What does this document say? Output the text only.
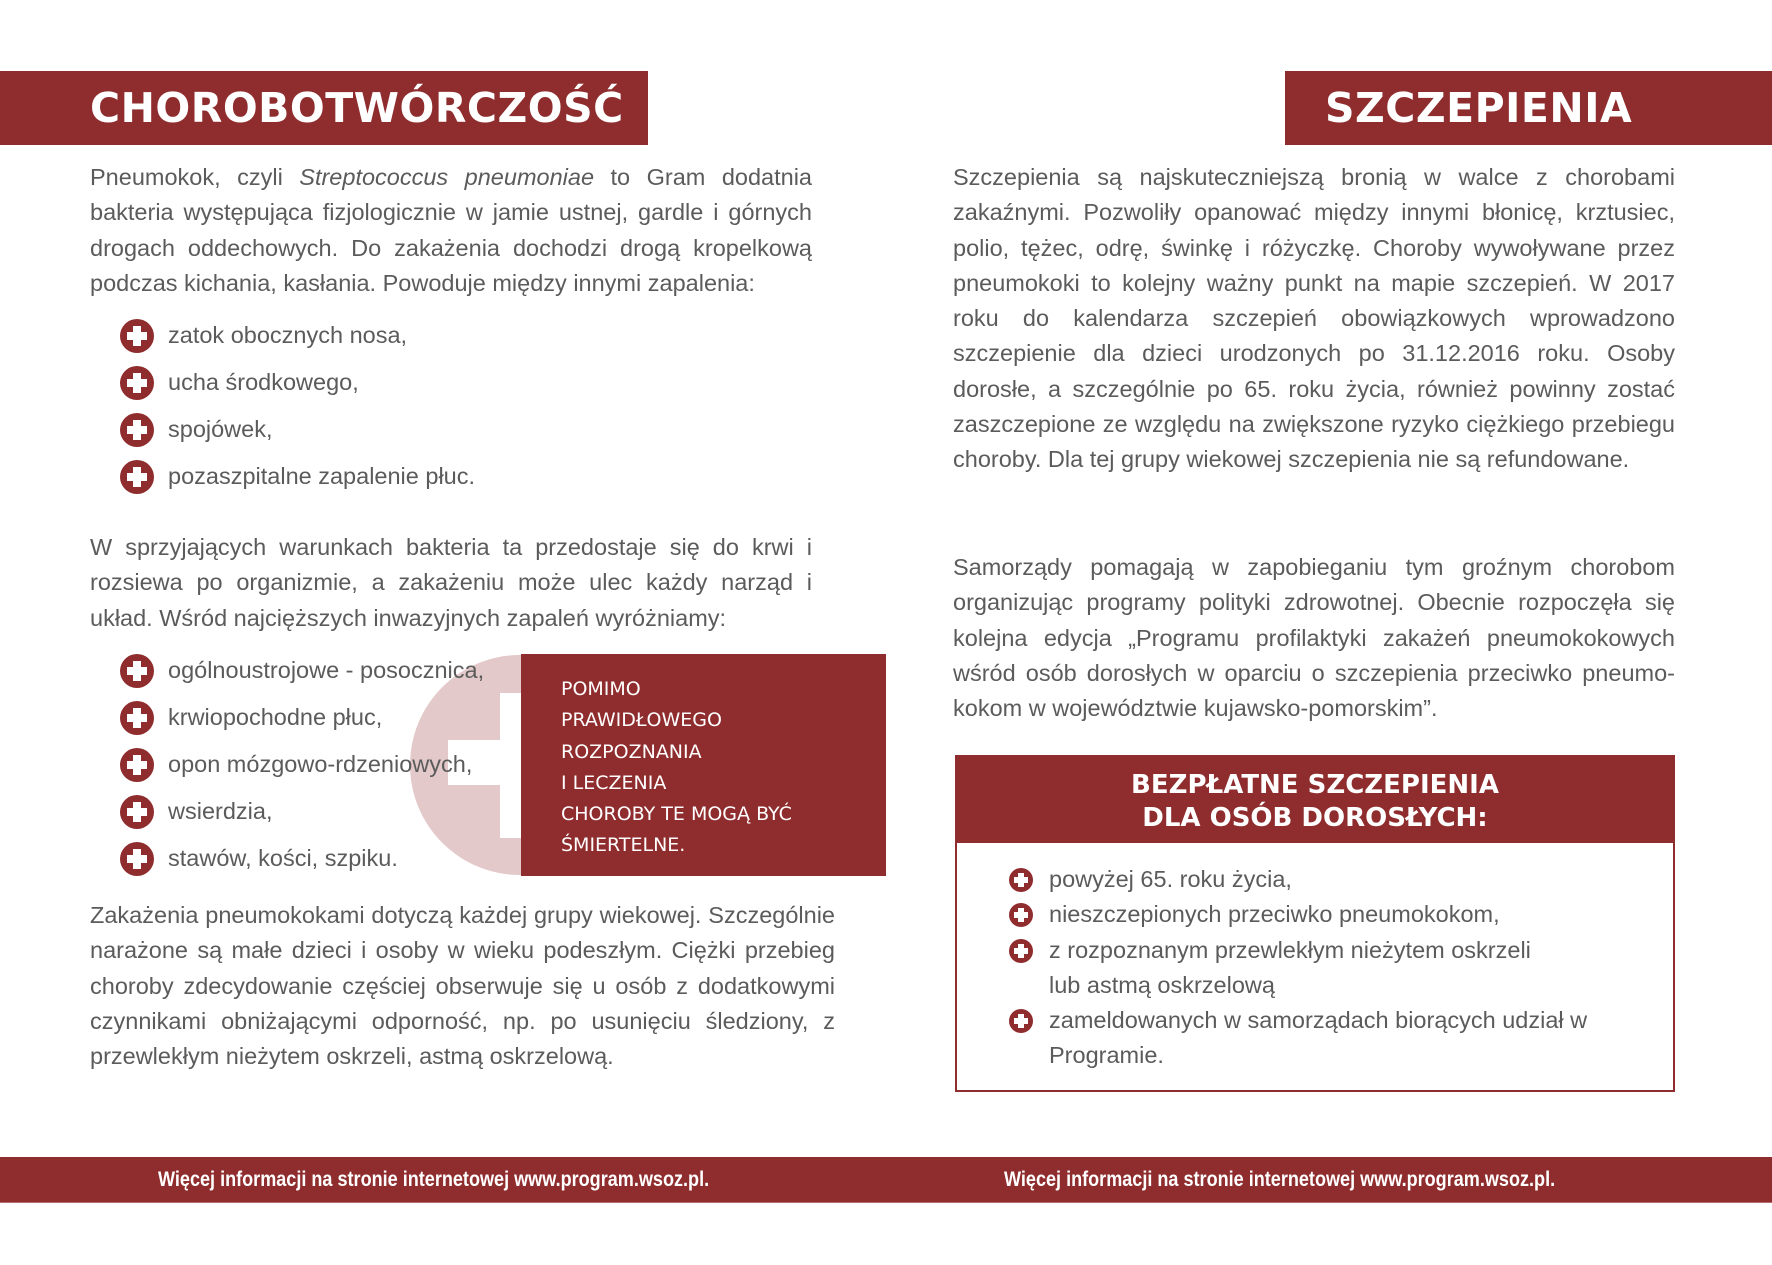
CHOROBOTWÓRCZOŚĆ

Pneumokok, czyli Streptococcus pneumoniae to Gram dodatnia bakteria występująca fizjologicznie w jamie ustnej, gardle i górnych drogach oddechowych. Do zakażenia dochodzi drogą kropelkową podczas kichania, kasłania. Powoduje między innymi zapalenia:

zatok obocznych nosa,
ucha środkowego,
spojówek,
pozaszpitalne zapalenie płuc.

W sprzyjających warunkach bakteria ta przedostaje się do krwi i rozsiewa po organizmie, a zakażeniu może ulec każdy narząd i układ. Wśród najcięższych inwazyjnych zapaleń wyróżniamy:

ogólnoustrojowe - posocznica,
krwiopochodne płuc,
opon mózgowo-rdzeniowych,
wsierdzia,
stawów, kości, szpiku.
POMIMO
PRAWIDŁOWEGO
ROZPOZNANIA
I LECZENIA
CHOROBY TE MOGĄ BYĆ
ŚMIERTELNE.

Zakażenia pneumokokami dotyczą każdej grupy wiekowej. Szczególnie narażone są małe dzieci i osoby w wieku podeszłym. Ciężki przebieg choroby zdecydowanie częściej obserwuje się u osób z dodatkowymi czynnikami obniżającymi odporność, np. po usunięciu śledziony, z przewlekłym nieżytem oskrzeli, astmą oskrzelową.

SZCZEPIENIA

Szczepienia są najskuteczniejszą bronią w walce z chorobami zakaźnymi. Pozwoliły opanować między innymi błonicę, krztusiec, polio, tężec, odrę, świnkę i różyczkę. Choroby wywoływane przez pneumokoki to kolejny ważny punkt na mapie szczepień. W 2017 roku do kalendarza szczepień obowiązkowych wprowadzono szczepienie dla dzieci urodzonych po 31.12.2016 roku. Osoby dorosłe, a szczególnie po 65. roku życia, również powinny zostać zaszczepione ze względu na zwiększone ryzyko ciężkiego przebiegu choroby. Dla tej grupy wiekowej szczepienia nie są refundowane.

Samorządy pomagają w zapobieganiu tym groźnym chorobom organizując programy polityki zdrowotnej. Obecnie rozpoczęła się kolejna edycja „Programu profilaktyki zakażeń pneumokokowych wśród osób dorosłych w oparciu o szczepienia przeciwko pneumo-kokom w województwie kujawsko-pomorskim”.

BEZPŁATNE SZCZEPIENIA
DLA OSÓB DOROSŁYCH:
powyżej 65. roku życia,
nieszczepionych przeciwko pneumokokom,
z rozpoznanym przewlekłym nieżytem oskrzeli lub astmą oskrzelową
zameldowanych w samorządach biorących udział w Programie.
Więcej informacji na stronie internetowej www.program.wsoz.pl.	Więcej informacji na stronie internetowej www.program.wsoz.pl.
